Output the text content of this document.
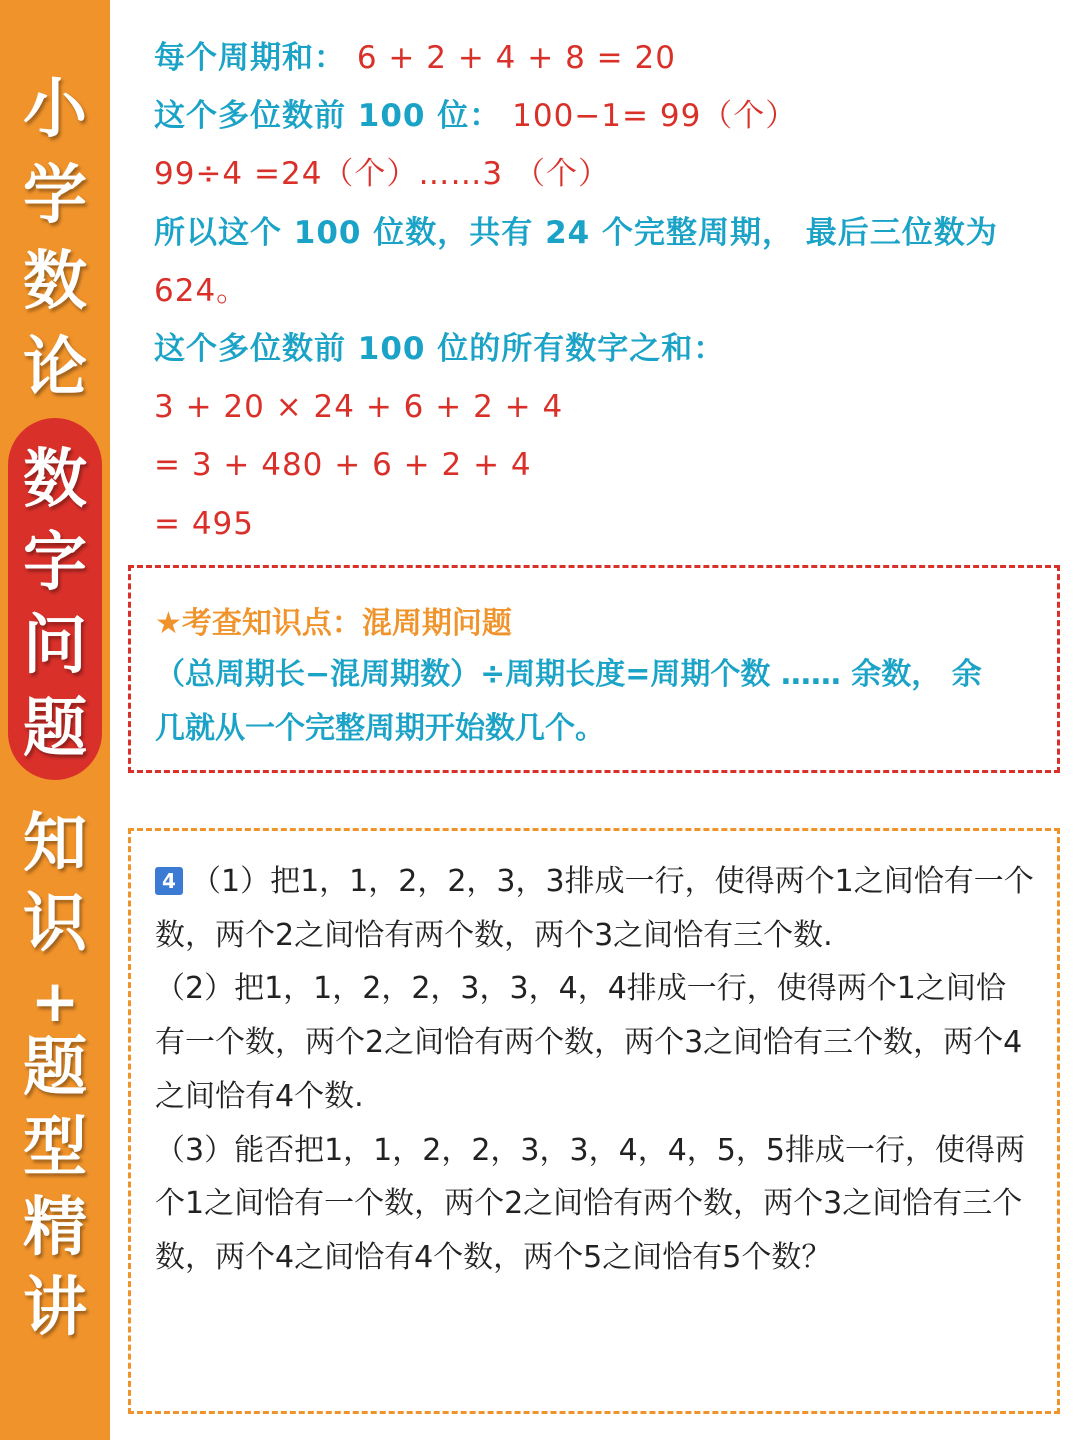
小
学
数
论
数
字
问
题
知
识
+
题
型
精
讲
每个周期和： 6 + 2 + 4 + 8 = 20
这个多位数前 100 位： 100−1= 99（个）
99÷4 =24（个）……3 （个）
所以这个 100 位数，共有 24 个完整周期， 最后三位数为
624。
这个多位数前 100 位的所有数字之和：
3 + 20 × 24 + 6 + 2 + 4
= 3 + 480 + 6 + 2 + 4
= 495
★考查知识点：混周期问题
（总周期长−混周期数）÷周期长度=周期个数 …… 余数， 余几就从一个完整周期开始数几个。
4 （1）把1，1，2，2，3，3排成一行，使得两个1之间恰有一个数，两个2之间恰有两个数，两个3之间恰有三个数.
（2）把1，1，2，2，3，3，4，4排成一行，使得两个1之间恰有一个数，两个2之间恰有两个数，两个3之间恰有三个数，两个4之间恰有4个数.
（3）能否把1，1，2，2，3，3，4，4，5，5排成一行，使得两个1之间恰有一个数，两个2之间恰有两个数，两个3之间恰有三个数，两个4之间恰有4个数，两个5之间恰有5个数？
